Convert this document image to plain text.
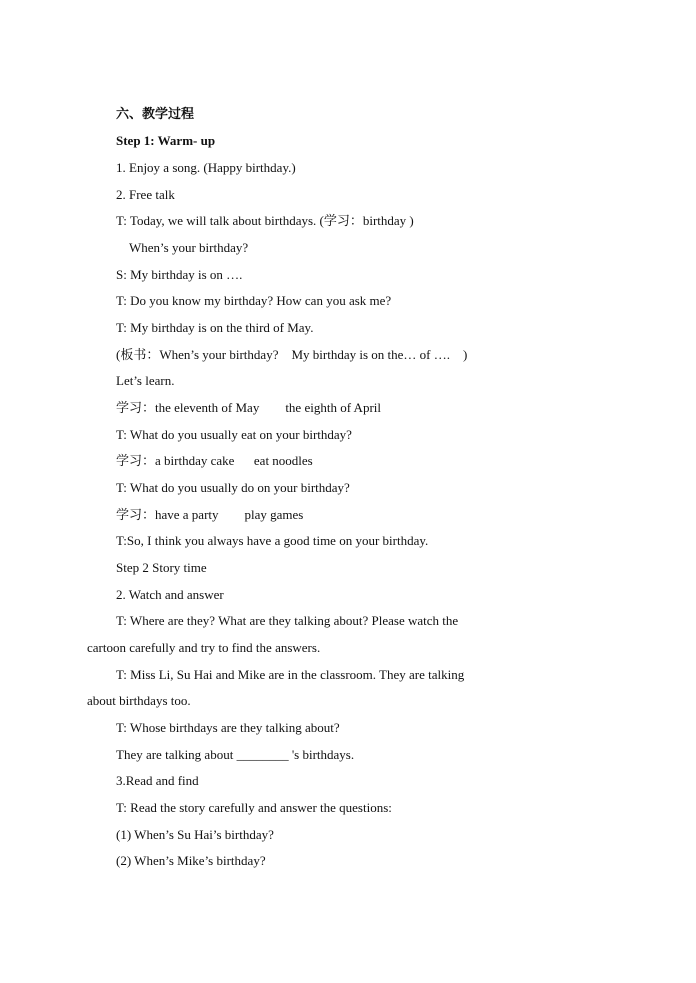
六、教学过程
Step 1: Warm- up
1. Enjoy a song. (Happy birthday.)
2. Free talk
T: Today, we will talk about birthdays. (学习：birthday )
When’s your birthday?
S: My birthday is on ….
T: Do you know my birthday? How can you ask me?
T: My birthday is on the third of May.
(板书：When’s your birthday?    My birthday is on the… of ….    )
Let’s learn.
学习：the eleventh of May        the eighth of April
T: What do you usually eat on your birthday?
学习：a birthday cake      eat noodles
T: What do you usually do on your birthday?
学习：have a party        play games
T:So, I think you always have a good time on your birthday.
Step 2 Story time
2. Watch and answer
T: Where are they? What are they talking about? Please watch the
cartoon carefully and try to find the answers.
T: Miss Li, Su Hai and Mike are in the classroom. They are talking
about birthdays too.
T: Whose birthdays are they talking about?
They are talking about ________ 's birthdays.
3.Read and find
T: Read the story carefully and answer the questions:
(1) When’s Su Hai’s birthday?
(2) When’s Mike’s birthday?
